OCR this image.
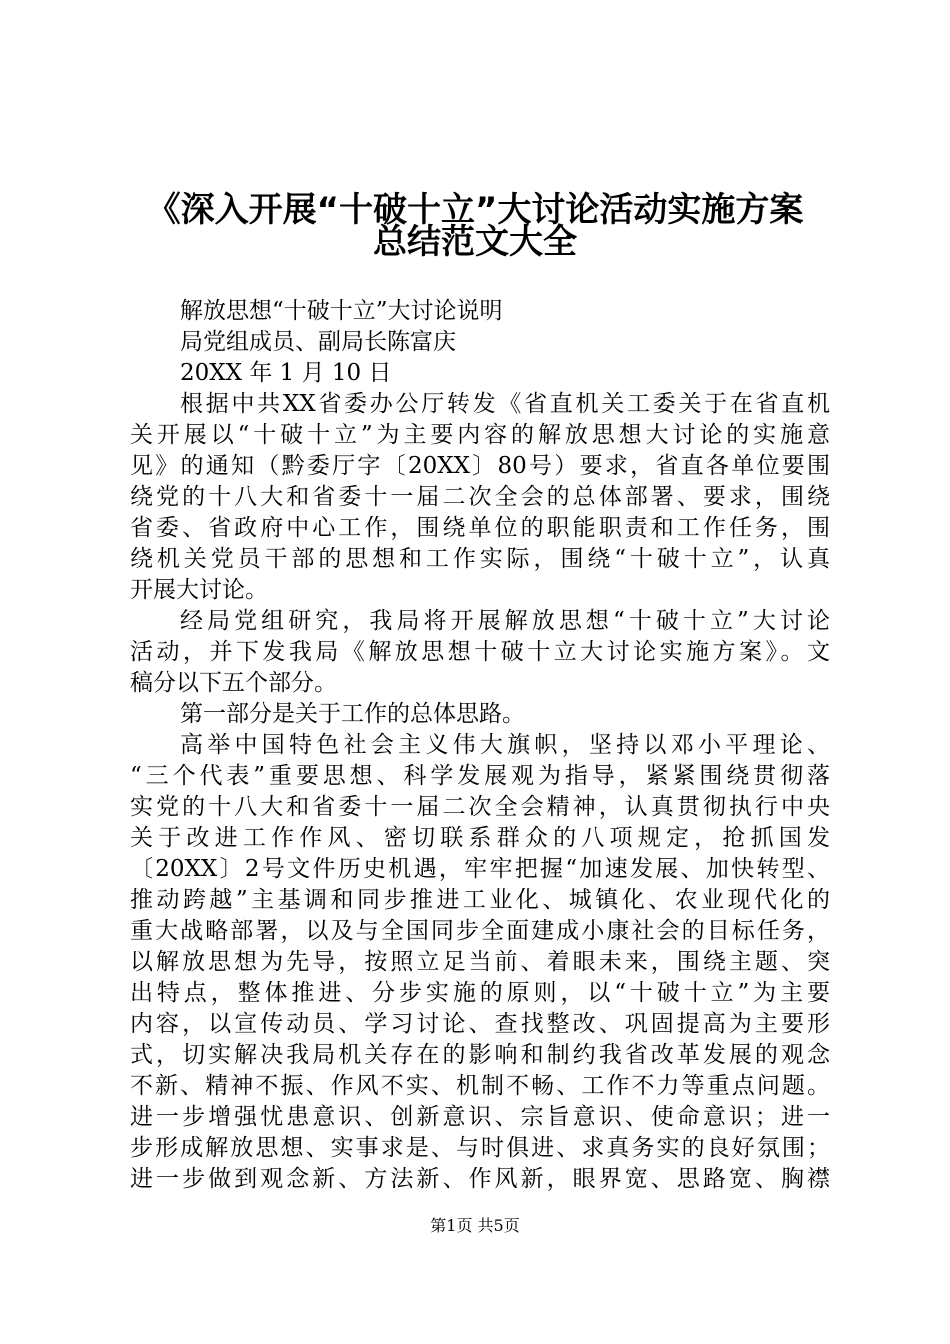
《深入开展“十破十立”大讨论活动实施方案
总结范文大全
解放思想“十破十立”大讨论说明
局党组成员、副局长陈富庆
20XX 年 1 月 10 日
根据中共XX省委办公厅转发《省直机关工委关于在省直机
关开展以“十破十立”为主要内容的解放思想大讨论的实施意
见》的通知（黔委厅字〔20XX〕80号）要求，省直各单位要围
绕党的十八大和省委十一届二次全会的总体部署、要求，围绕
省委、省政府中心工作，围绕单位的职能职责和工作任务，围
绕机关党员干部的思想和工作实际，围绕“十破十立”，认真
开展大讨论。
经局党组研究，我局将开展解放思想“十破十立”大讨论
活动，并下发我局《解放思想十破十立大讨论实施方案》。文
稿分以下五个部分。
第一部分是关于工作的总体思路。
高举中国特色社会主义伟大旗帜，坚持以邓小平理论、
“三个代表”重要思想、科学发展观为指导，紧紧围绕贯彻落
实党的十八大和省委十一届二次全会精神，认真贯彻执行中央
关于改进工作作风、密切联系群众的八项规定，抢抓国发
〔20XX〕2号文件历史机遇，牢牢把握“加速发展、加快转型、
推动跨越”主基调和同步推进工业化、城镇化、农业现代化的
重大战略部署，以及与全国同步全面建成小康社会的目标任务，
以解放思想为先导，按照立足当前、着眼未来，围绕主题、突
出特点，整体推进、分步实施的原则，以“十破十立”为主要
内容，以宣传动员、学习讨论、查找整改、巩固提高为主要形
式，切实解决我局机关存在的影响和制约我省改革发展的观念
不新、精神不振、作风不实、机制不畅、工作不力等重点问题。
进一步增强忧患意识、创新意识、宗旨意识、使命意识；进一
步形成解放思想、实事求是、与时俱进、求真务实的良好氛围；
进一步做到观念新、方法新、作风新，眼界宽、思路宽、胸襟
第1页 共5页
